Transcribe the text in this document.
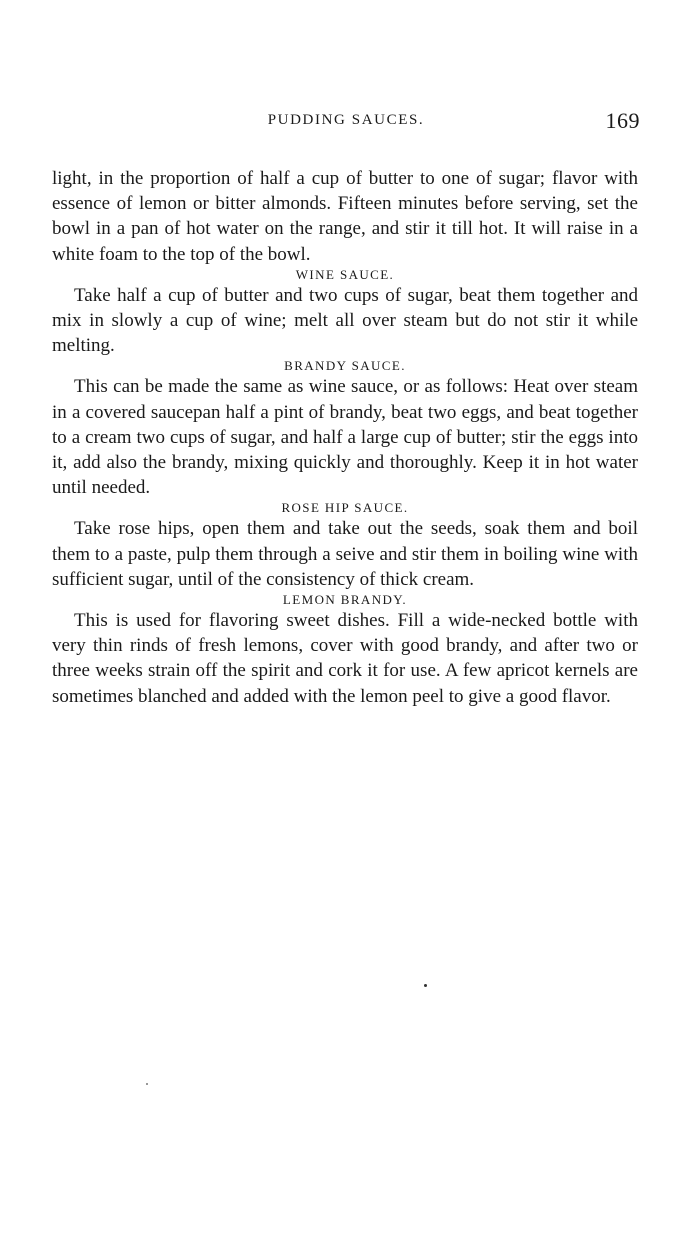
PUDDING SAUCES.	169

light, in the proportion of half a cup of butter to one of sugar; flavor with essence of lemon or bitter almonds. Fifteen minutes before serving, set the bowl in a pan of hot water on the range, and stir it till hot. It will raise in a white foam to the top of the bowl.

WINE SAUCE.

Take half a cup of butter and two cups of sugar, beat them together and mix in slowly a cup of wine; melt all over steam but do not stir it while melting.

BRANDY SAUCE.

This can be made the same as wine sauce, or as follows: Heat over steam in a covered saucepan half a pint of brandy, beat two eggs, and beat together to a cream two cups of sugar, and half a large cup of butter; stir the eggs into it, add also the brandy, mixing quickly and thoroughly. Keep it in hot water until needed.

ROSE HIP SAUCE.

Take rose hips, open them and take out the seeds, soak them and boil them to a paste, pulp them through a seive and stir them in boiling wine with sufficient sugar, until of the consistency of thick cream.

LEMON BRANDY.

This is used for flavoring sweet dishes. Fill a wide-necked bottle with very thin rinds of fresh lemons, cover with good brandy, and after two or three weeks strain off the spirit and cork it for use. A few apricot kernels are sometimes blanched and added with the lemon peel to give a good flavor.
